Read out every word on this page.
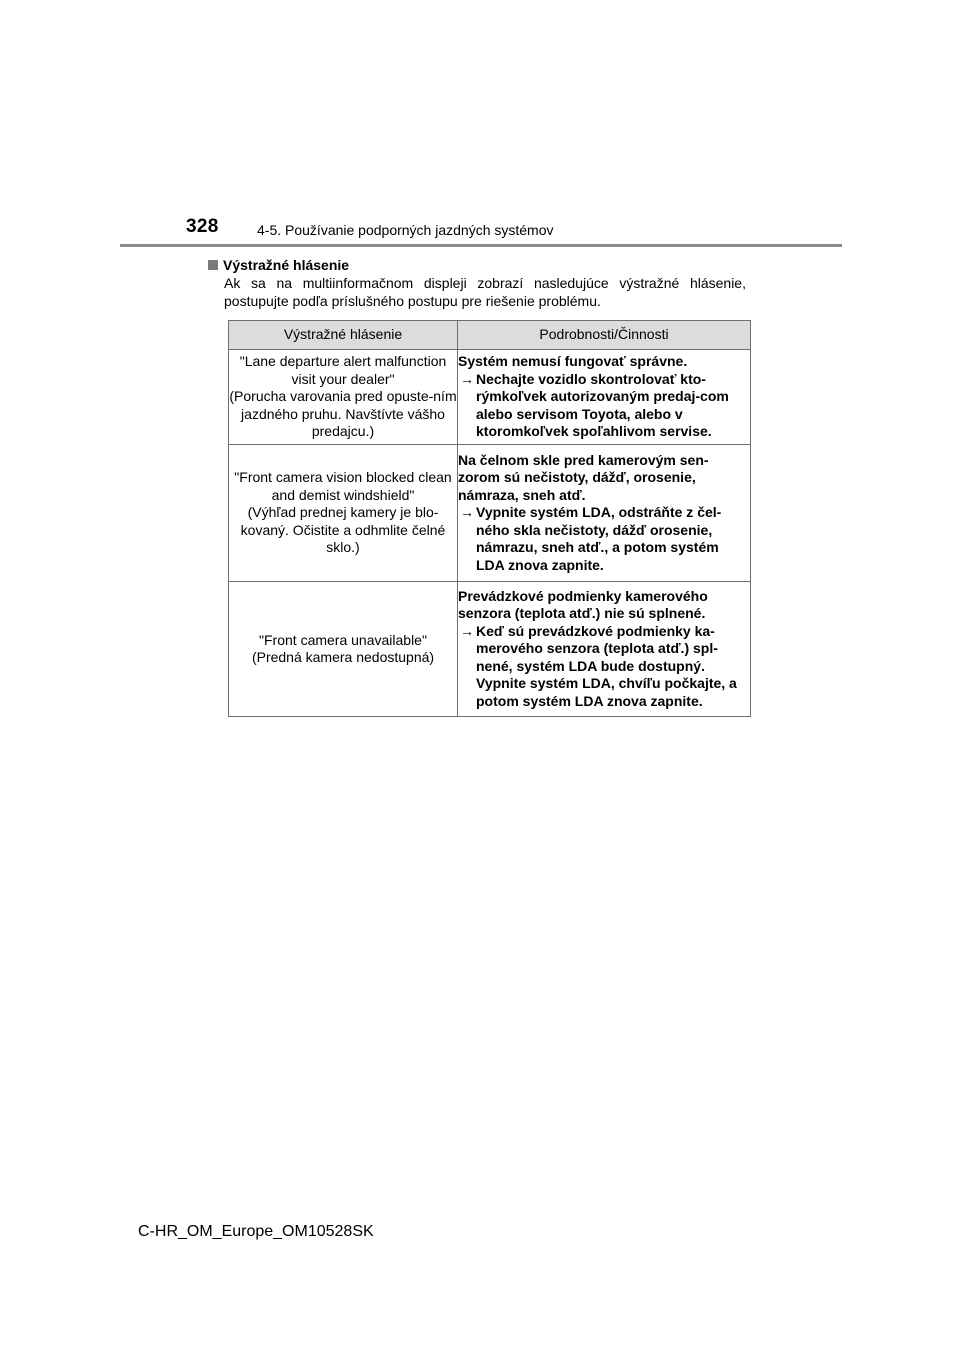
328	4-5. Používanie podporných jazdných systémov
Výstražné hlásenie
Ak sa na multiinformačnom displeji zobrazí nasledujúce výstražné hlásenie,
postupujte podľa príslušného postupu pre riešenie problému.
Výstražné hlásenie	Podrobnosti/Činnosti

"Lane departure alert malfunction visit your dealer"
(Porucha varovania pred opuste-ním jazdného pruhu. Navštívte vášho predajcu.)	Systém nemusí fungovať správne.
→ Nechajte vozidlo skontrolovať kto-rýmkoľvek autorizovaným predaj-com alebo servisom Toyota, alebo v ktoromkoľvek spoľahlivom servise.

"Front camera vision blocked clean and demist windshield"
(Výhľad prednej kamery je blo-kovaný. Očistite a odhmlite čelné sklo.)	Na čelnom skle pred kamerovým sen-zorom sú nečistoty, dážď, orosenie, námraza, sneh atď.
→ Vypnite systém LDA, odstráňte z čel-ného skla nečistoty, dážď orosenie, námrazu, sneh atď., a potom systém LDA znova zapnite.

"Front camera unavailable"
(Predná kamera nedostupná)	Prevádzkové podmienky kamerového senzora (teplota atď.) nie sú splnené.
→ Keď sú prevádzkové podmienky ka-merového senzora (teplota atď.) spl-nené, systém LDA bude dostupný. Vypnite systém LDA, chvíľu počkajte, a potom systém LDA znova zapnite.
C-HR_OM_Europe_OM10528SK
